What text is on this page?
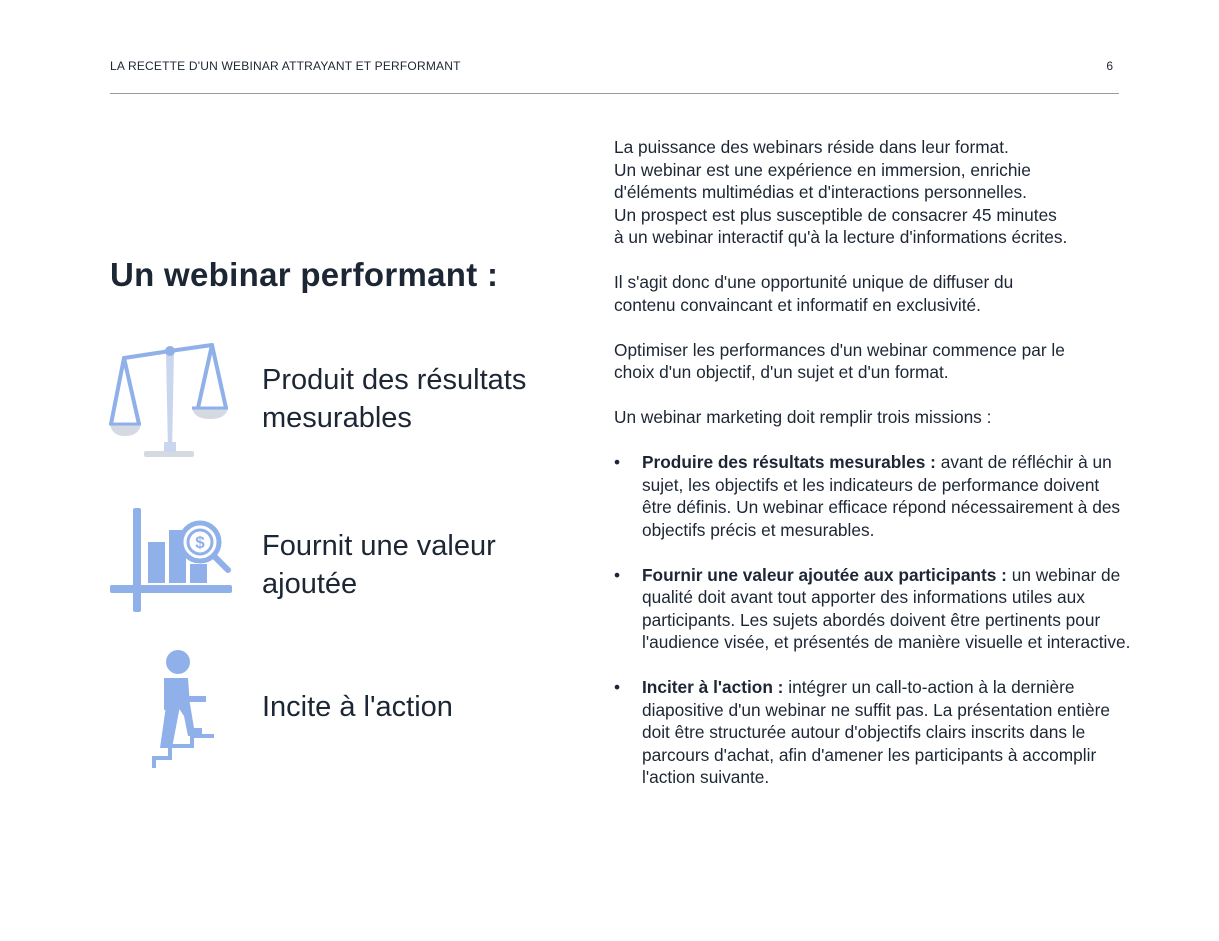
LA RECETTE D'UN WEBINAR ATTRAYANT ET PERFORMANT	6
Un webinar performant :
Produit des résultats mesurables
$ Fournit une valeur ajoutée
Incite à l'action

La puissance des webinars réside dans leur format.
Un webinar est une expérience en immersion, enrichie
d'éléments multimédias et d'interactions personnelles.
Un prospect est plus susceptible de consacrer 45 minutes
à un webinar interactif qu'à la lecture d'informations écrites.

Il s'agit donc d'une opportunité unique de diffuser du
contenu convaincant et informatif en exclusivité.

Optimiser les performances d'un webinar commence par le
choix d'un objectif, d'un sujet et d'un format.

Un webinar marketing doit remplir trois missions :

• Produire des résultats mesurables : avant de réfléchir à un sujet, les objectifs et les indicateurs de performance doivent être définis. Un webinar efficace répond nécessairement à des objectifs précis et mesurables.
• Fournir une valeur ajoutée aux participants : un webinar de qualité doit avant tout apporter des informations utiles aux participants. Les sujets abordés doivent être pertinents pour l'audience visée, et présentés de manière visuelle et interactive.
• Inciter à l'action : intégrer un call-to-action à la dernière diapositive d'un webinar ne suffit pas. La présentation entière doit être structurée autour d'objectifs clairs inscrits dans le parcours d'achat, afin d'amener les participants à accomplir l'action suivante.
